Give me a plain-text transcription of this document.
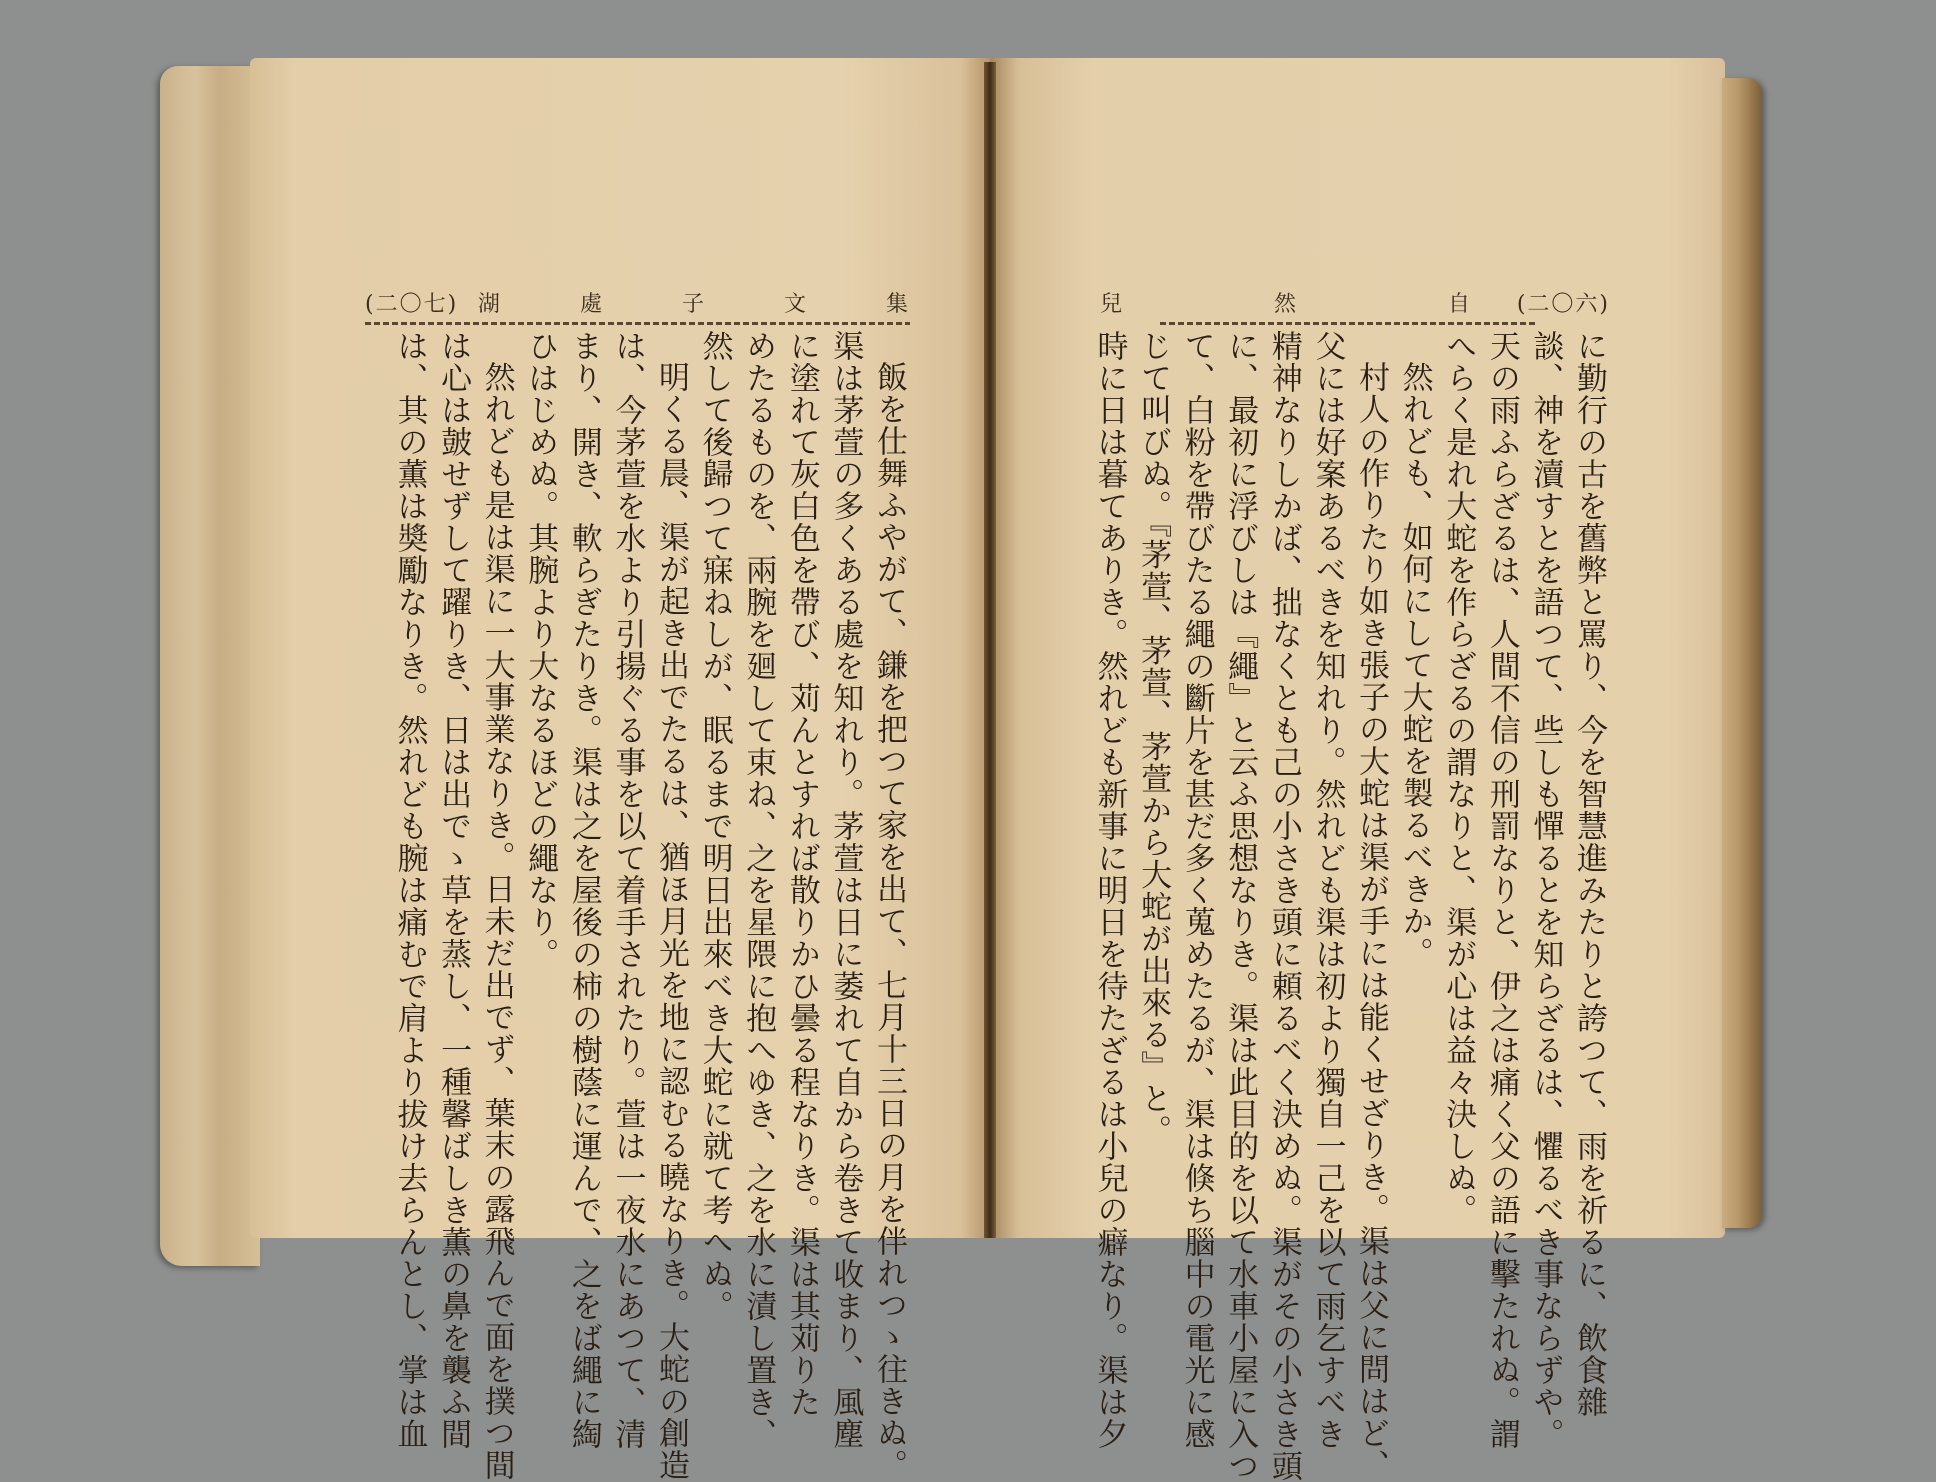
(二〇七) 湖	處	子	文	集	兒	然	自 (二〇六)

飯を仕舞ふやがて、鎌を把つて家を出て、七月十三日の月を伴れつゝ往きぬ。

渠は茅萱の多くある處を知れり。茅萱は日に萎れて自から卷きて收まり、風塵

に塗れて灰白色を帶び、苅んとすれば散りかひ曇る程なりき。渠は其苅りた

めたるものを、兩腕を廻して束ね、之を星隈に抱へゆき、之を水に漬し置き、

然して後歸つて寐ねしが、眠るまで明日出來べき大蛇に就て考へぬ。

明くる晨、渠が起き出でたるは、猶ほ月光を地に認むる曉なりき。大蛇の創造

は、今茅萱を水より引揚ぐる事を以て着手されたり。萱は一夜水にあつて、清

まり、開き、軟らぎたりき。渠は之を屋後の柿の樹蔭に運んで、之をば繩に綯

ひはじめぬ。其腕より大なるほどの繩なり。

然れども是は渠に一大事業なりき。日未だ出でず、葉末の露飛んで面を撲つ間

は心は皷せずして躍りき、日は出でゝ草を蒸し、一種馨ばしき薫の鼻を襲ふ間

は、其の薫は奬勵なりき。然れども腕は痛むで肩より拔け去らんとし、掌は血	に勤行の古を舊弊と罵り、今を智慧進みたりと誇つて、雨を祈るに、飲食雜

談、神を瀆すとを語つて、些しも憚るとを知らざるは、懼るべき事ならずや。

天の雨ふらざるは、人間不信の刑罰なりと、伊之は痛く父の語に擊たれぬ。謂

へらく是れ大蛇を作らざるの謂なりと、渠が心は益々決しぬ。

然れども、如何にして大蛇を製るべきか。

村人の作りたり如き張子の大蛇は渠が手には能くせざりき。渠は父に問はど、

父には好案あるべきを知れり。然れども渠は初より獨自一己を以て雨乞すべき

精神なりしかば、拙なくとも己の小さき頭に頼るべく決めぬ。渠がその小さき頭

に、最初に浮びしは『繩』と云ふ思想なりき。渠は此目的を以て水車小屋に入つ

て、白粉を帶びたる繩の斷片を甚だ多く蒐めたるが、渠は倏ち腦中の電光に感

じて叫びぬ。『茅萱、茅萱、茅萱から大蛇が出來る』と。

時に日は暮てありき。然れども新事に明日を待たざるは小兒の癖なり。渠は夕
